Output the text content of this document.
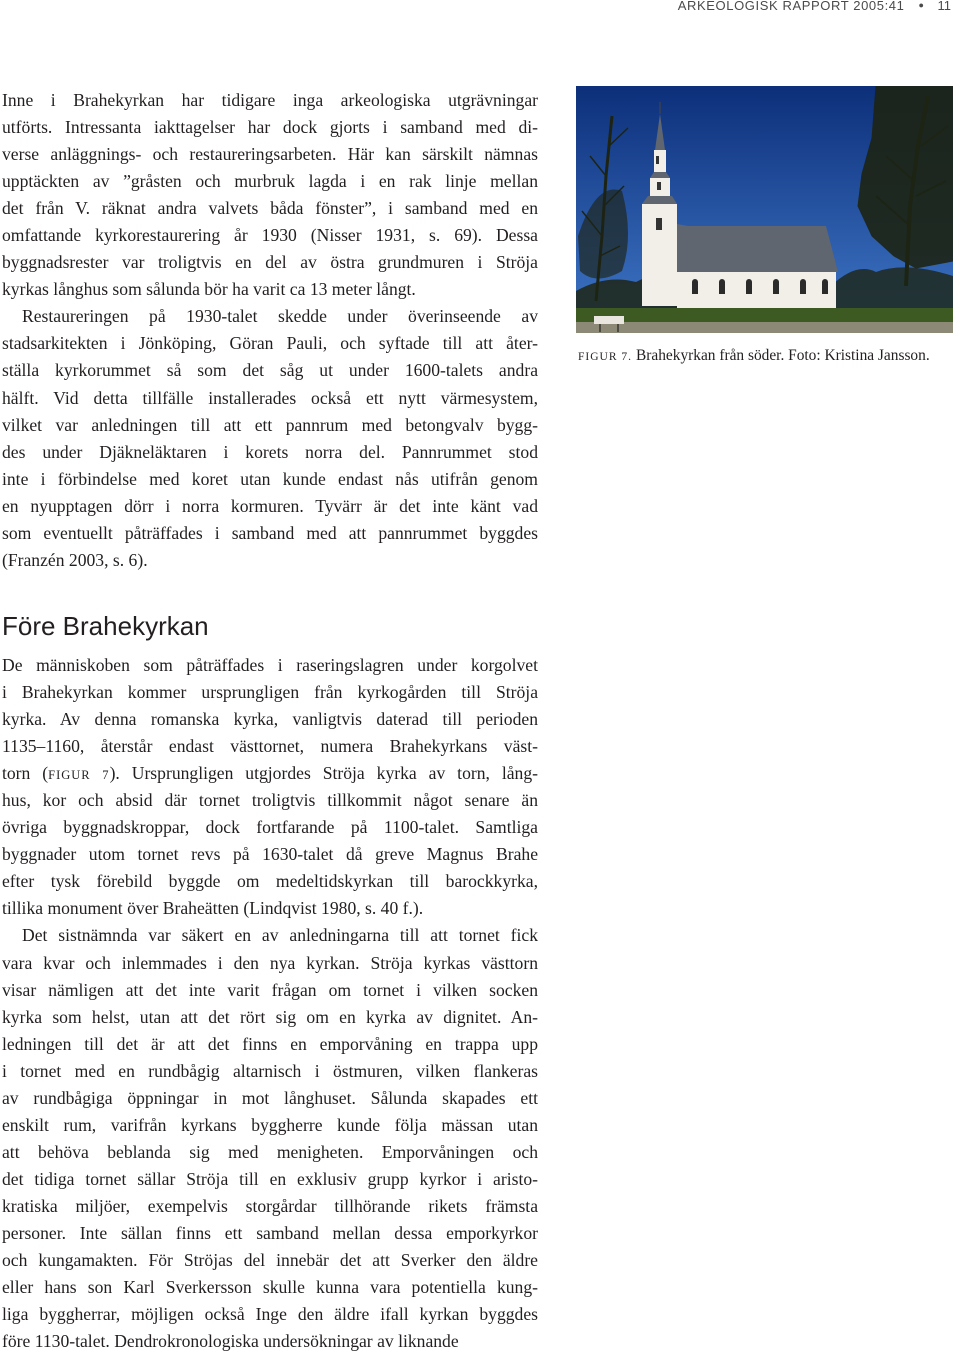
ARKEOLOGISK RAPPORT 2005:41 ● 11
Inne i Brahekyrkan har tidigare inga arkeologiska utgrävningar
utförts. Intressanta iakttagelser har dock gjorts i samband med di-
verse anläggnings- och restaureringsarbeten. Här kan särskilt nämnas
upptäckten av ”gråsten och murbruk lagda i en rak linje mellan
det från V. räknat andra valvets båda fönster”, i samband med en
omfattande kyrkorestaurering år 1930 (Nisser 1931, s. 69). Dessa
byggnadsrester var troligtvis en del av östra grundmuren i Ströja
kyrkas långhus som sålunda bör ha varit ca 13 meter långt.
Restaureringen på 1930-talet skedde under överinseende av
stadsarkitekten i Jönköping, Göran Pauli, och syftade till att åter-
ställa kyrkorummet så som det såg ut under 1600-talets andra
hälft. Vid detta tillfälle installerades också ett nytt värmesystem,
vilket var anledningen till att ett pannrum med betongvalv bygg-
des under Djäkneläktaren i korets norra del. Pannrummet stod
inte i förbindelse med koret utan kunde endast nås utifrån genom
en nyupptagen dörr i norra kormuren. Tyvärr är det inte känt vad
som eventuellt påträffades i samband med att pannrummet byggdes
(Franzén 2003, s. 6).
FIGUR 7. Brahekyrkan från söder. Foto: Kristina Jansson.
Före Brahekyrkan
De människoben som påträffades i raseringslagren under korgolvet
i Brahekyrkan kommer ursprungligen från kyrkogården till Ströja
kyrka. Av denna romanska kyrka, vanligtvis daterad till perioden
1135–1160, återstår endast västtornet, numera Brahekyrkans väst-
torn (FIGUR 7). Ursprungligen utgjordes Ströja kyrka av torn, lång-
hus, kor och absid där tornet troligtvis tillkommit något senare än
övriga byggnadskroppar, dock fortfarande på 1100-talet. Samtliga
byggnader utom tornet revs på 1630-talet då greve Magnus Brahe
efter tysk förebild byggde om medeltidskyrkan till barockkyrka,
tillika monument över Braheätten (Lindqvist 1980, s. 40 f.).
Det sistnämnda var säkert en av anledningarna till att tornet fick
vara kvar och inlemmades i den nya kyrkan. Ströja kyrkas västtorn
visar nämligen att det inte varit frågan om tornet i vilken socken
kyrka som helst, utan att det rört sig om en kyrka av dignitet. An-
ledningen till det är att det finns en emporvåning en trappa upp
i tornet med en rundbågig altarnisch i östmuren, vilken flankeras
av rundbågiga öppningar in mot långhuset. Sålunda skapades ett
enskilt rum, varifrån kyrkans byggherre kunde följa mässan utan
att behöva beblanda sig med menigheten. Emporvåningen och
det tidiga tornet sällar Ströja till en exklusiv grupp kyrkor i aristo-
kratiska miljöer, exempelvis storgårdar tillhörande rikets främsta
personer. Inte sällan finns ett samband mellan dessa emporkyrkor
och kungamakten. För Ströjas del innebär det att Sverker den äldre
eller hans son Karl Sverkersson skulle kunna vara potentiella kung-
liga byggherrar, möjligen också Inge den äldre ifall kyrkan byggdes
före 1130-talet. Dendrokronologiska undersökningar av liknande
